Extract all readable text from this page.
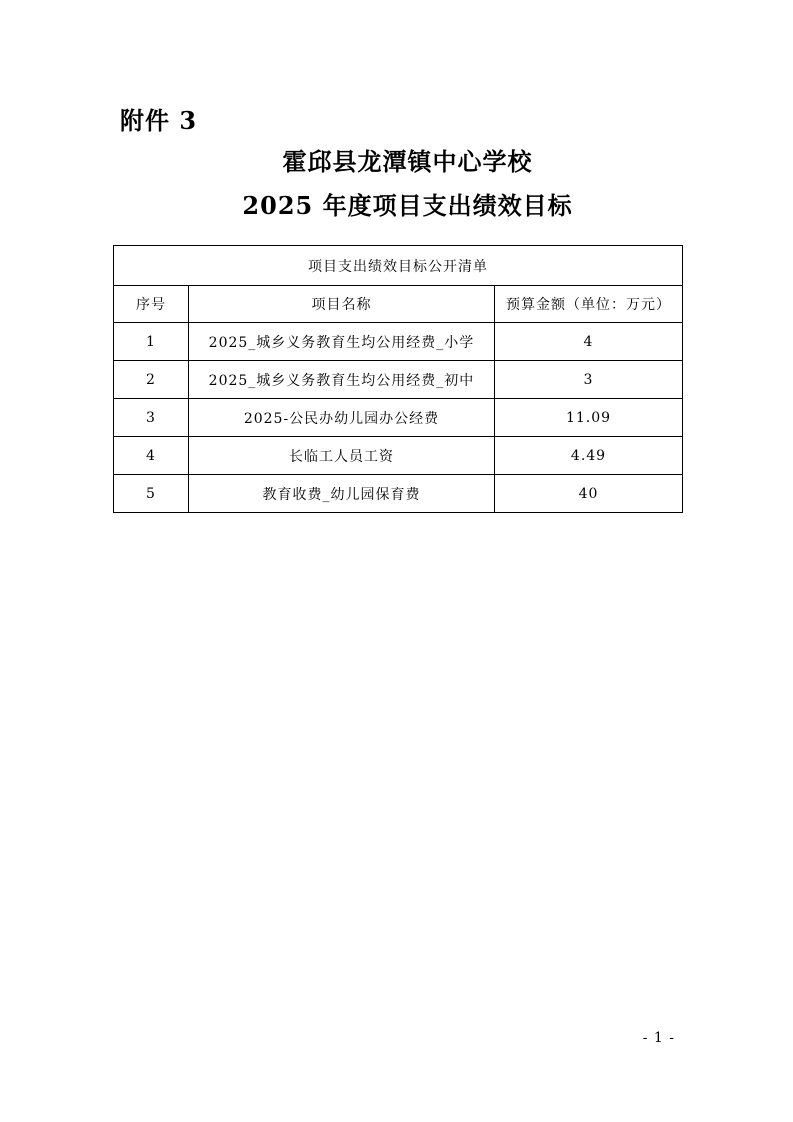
附件 3
霍邱县龙潭镇中心学校
2025 年度项目支出绩效目标
项目支出绩效目标公开清单		
序号	项目名称	预算金额（单位：万元）
1	2025_城乡义务教育生均公用经费_小学	4
2	2025_城乡义务教育生均公用经费_初中	3
3	2025-公民办幼儿园办公经费	11.09
4	长临工人员工资	4.49
5	教育收费_幼儿园保育费	40
- 1 -
